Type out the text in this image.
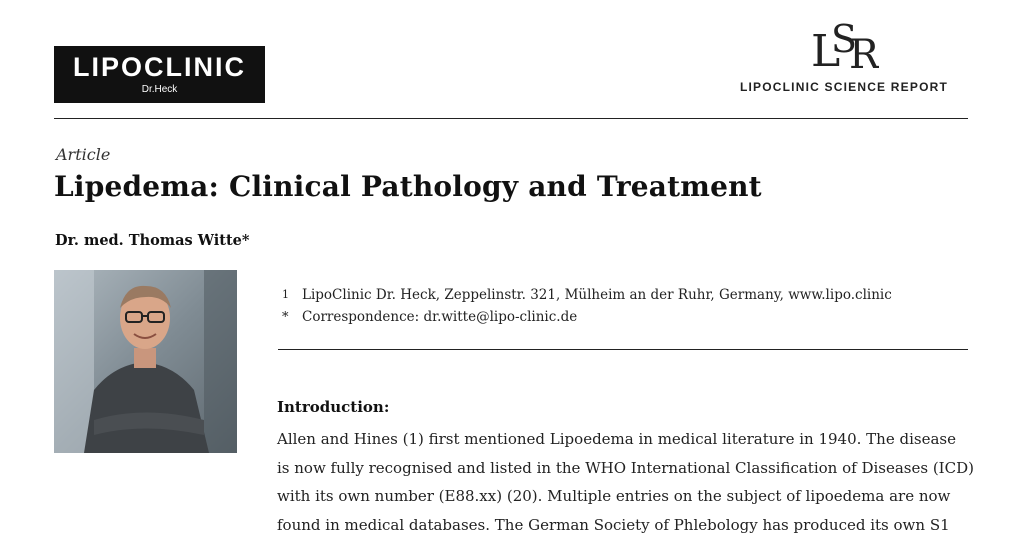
LIPOCLINIC
Dr.Heck
L
S
R
LIPOCLINIC SCIENCE REPORT
Article
Lipedema: Clinical Pathology and Treatment
Dr. med. Thomas Witte*
1 LipoClinic Dr. Heck, Zeppelinstr. 321, Mülheim an der Ruhr, Germany, www.lipo.clinic
* Correspondence: dr.witte@lipo-clinic.de
Introduction:
Allen and Hines (1) first mentioned Lipoedema in medical literature in 1940. The disease
is now fully recognised and listed in the WHO International Classification of Diseases (ICD)
with its own number (E88.xx) (20). Multiple entries on the subject of lipoedema are now
found in medical databases. The German Society of Phlebology has produced its own S1
